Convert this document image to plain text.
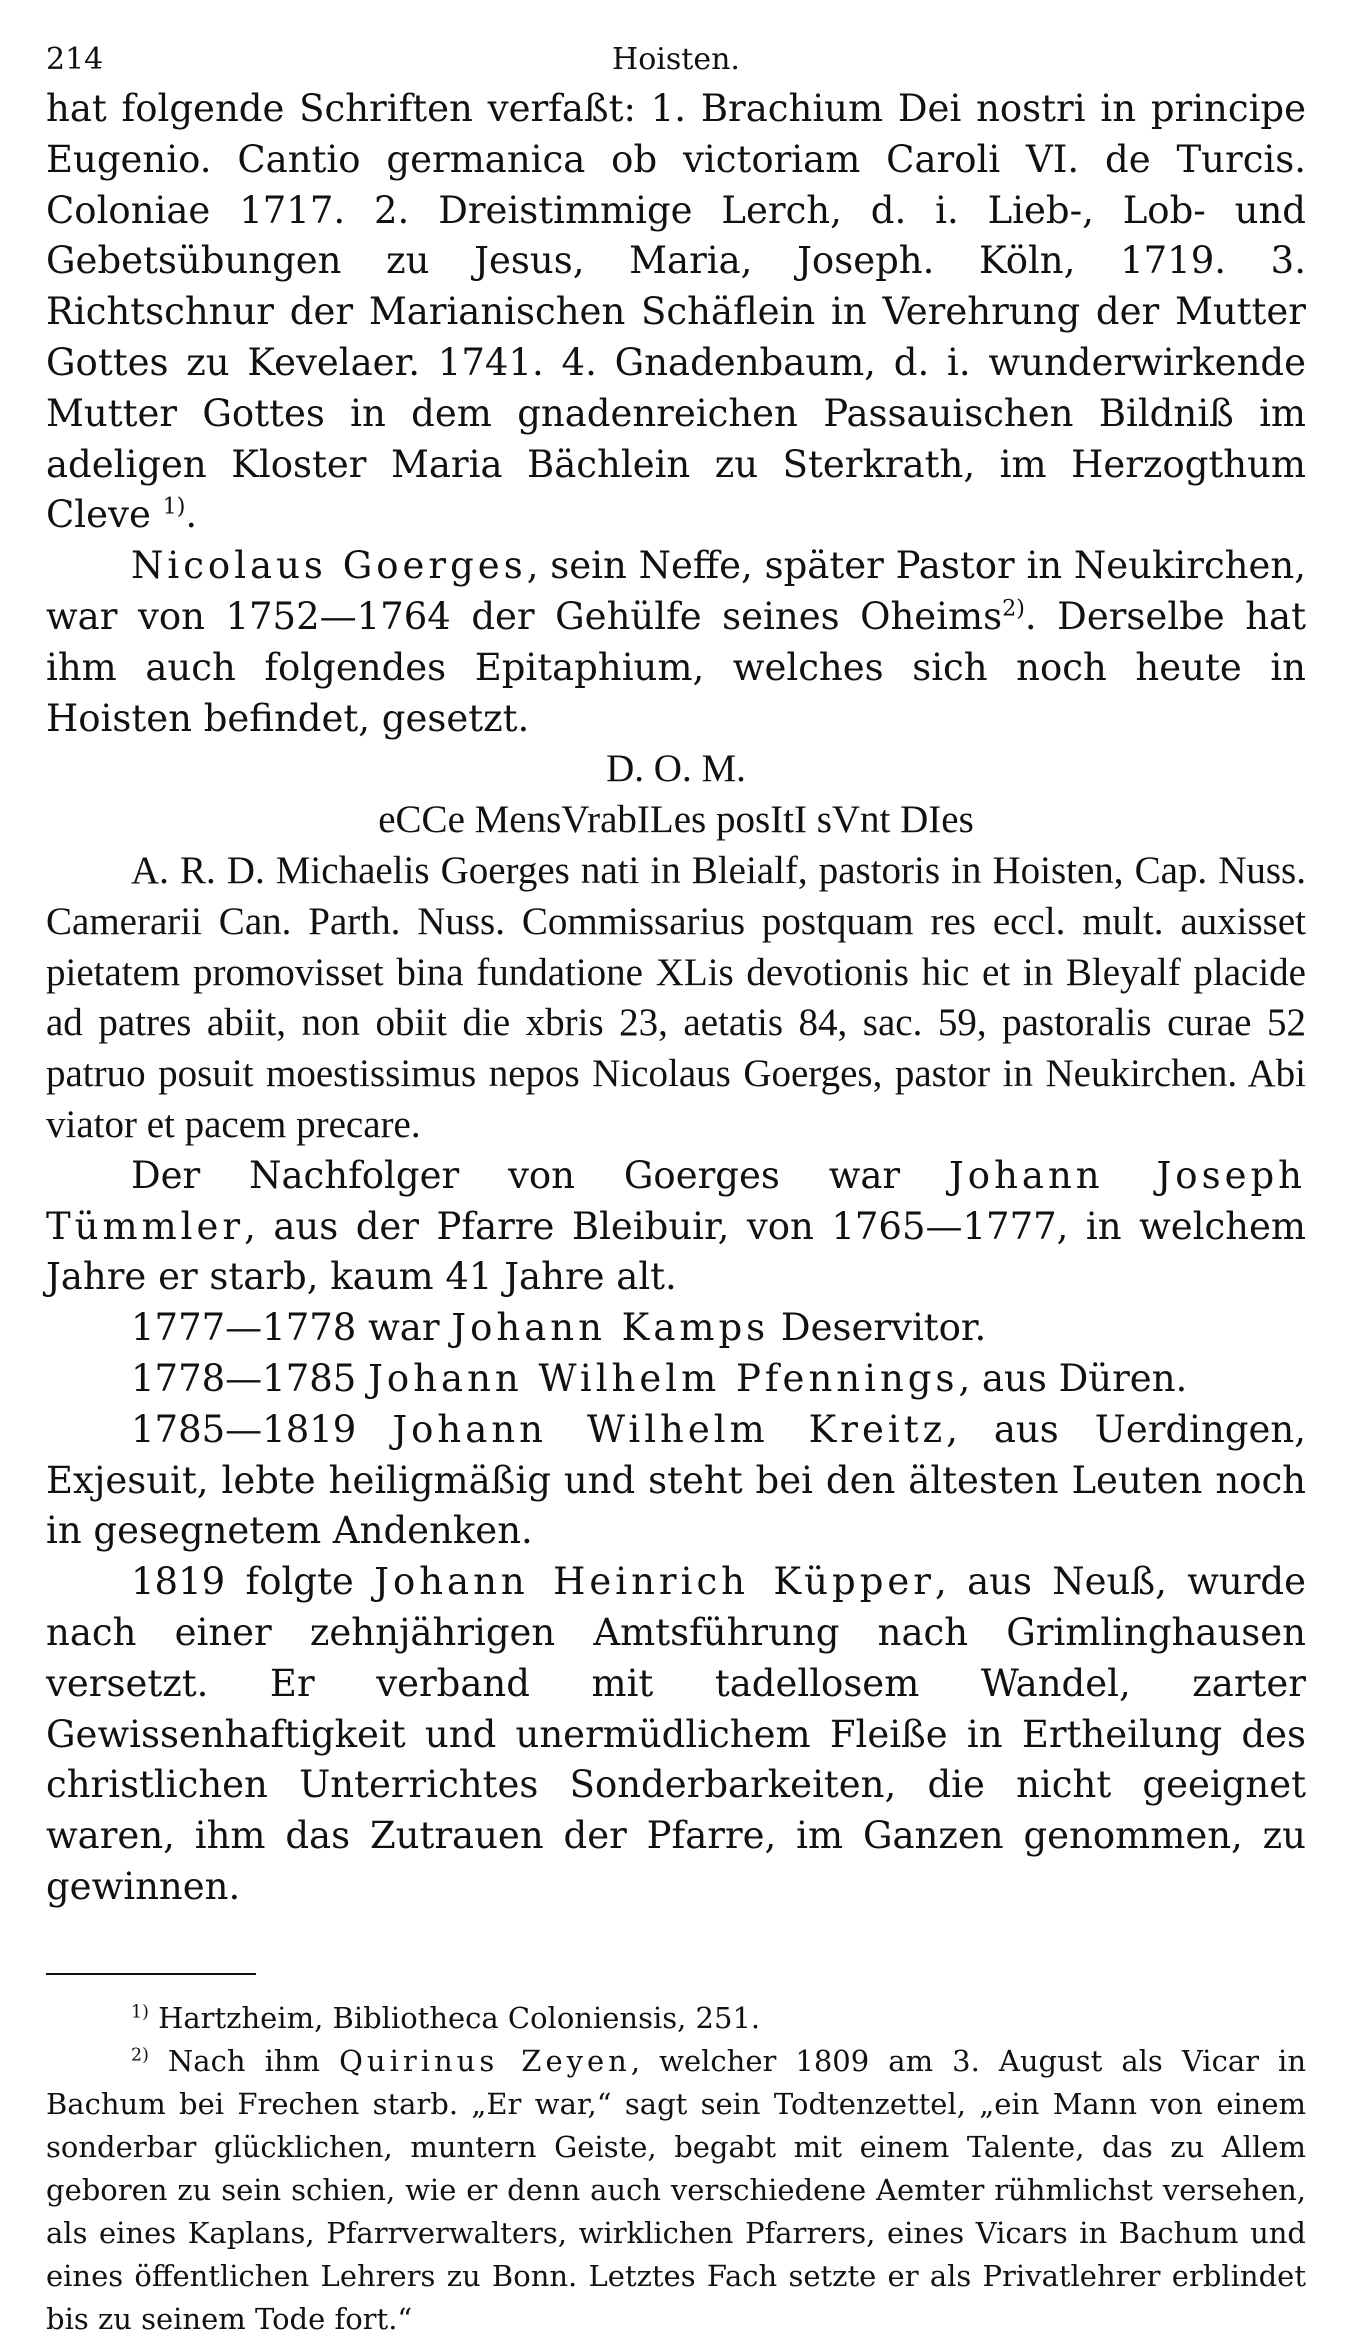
214	Hoisten.

hat folgende Schriften verfaßt: 1. Brachium Dei nostri in principe Eugenio. Cantio germanica ob victoriam Caroli VI. de Turcis. Coloniae 1717. 2. Dreistimmige Lerch, d. i. Lieb-, Lob- und Gebetsübungen zu Jesus, Maria, Joseph. Köln, 1719. 3. Richtschnur der Marianischen Schäflein in Verehrung der Mutter Gottes zu Kevelaer. 1741. 4. Gnadenbaum, d. i. wunderwirkende Mutter Gottes in dem gnadenreichen Passauischen Bildniß im adeligen Kloster Maria Bächlein zu Sterkrath, im Herzogthum Cleve $^{1)}$.

Nicolaus Goerges, sein Neffe, später Pastor in Neukirchen, war von 1752—1764 der Gehülfe seines Oheims$^{2)}$. Derselbe hat ihm auch folgendes Epitaphium, welches sich noch heute in Hoisten befindet, gesetzt.

D. O. M.

eCCe MensVrabILes posItI sVnt DIes

A. R. D. Michaelis Goerges nati in Bleialf, pastoris in Hoisten, Cap. Nuss. Camerarii Can. Parth. Nuss. Commissarius postquam res eccl. mult. auxisset pietatem promovisset bina fundatione XLis devotionis hic et in Bleyalf placide ad patres abiit, non obiit die xbris 23, aetatis 84, sac. 59, pastoralis curae 52 patruo posuit moestissimus nepos Nicolaus Goerges, pastor in Neukirchen. Abi viator et pacem precare.

Der Nachfolger von Goerges war Johann Joseph Tümmler, aus der Pfarre Bleibuir, von 1765—1777, in welchem Jahre er starb, kaum 41 Jahre alt.

1777—1778 war Johann Kamps Deservitor.

1778—1785 Johann Wilhelm Pfennings, aus Düren.

1785—1819 Johann Wilhelm Kreitz, aus Uerdingen, Exjesuit, lebte heiligmäßig und steht bei den ältesten Leuten noch in gesegnetem Andenken.

1819 folgte Johann Heinrich Küpper, aus Neuß, wurde nach einer zehnjährigen Amtsführung nach Grimlinghausen versetzt. Er verband mit tadellosem Wandel, zarter Gewissenhaftigkeit und unermüdlichem Fleiße in Ertheilung des christlichen Unterrichtes Sonderbarkeiten, die nicht geeignet waren, ihm das Zutrauen der Pfarre, im Ganzen genommen, zu gewinnen.

$^{1)}$ Hartzheim, Bibliotheca Coloniensis, 251.

$^{2)}$ Nach ihm Quirinus Zeyen, welcher 1809 am 3. August als Vicar in Bachum bei Frechen starb. „Er war,“ sagt sein Todtenzettel, „ein Mann von einem sonderbar glücklichen, muntern Geiste, begabt mit einem Talente, das zu Allem geboren zu sein schien, wie er denn auch verschiedene Aemter rühmlichst versehen, als eines Kaplans, Pfarrverwalters, wirklichen Pfarrers, eines Vicars in Bachum und eines öffentlichen Lehrers zu Bonn. Letztes Fach setzte er als Privatlehrer erblindet bis zu seinem Tode fort.“
